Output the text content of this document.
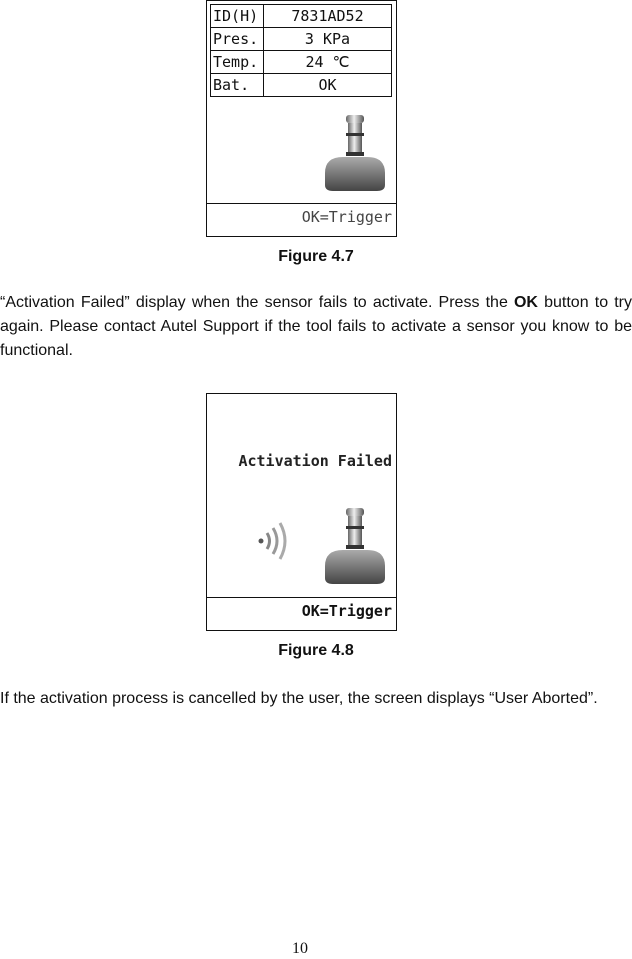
ID(H)	7831AD52
Pres.	3 KPa
Temp.	24 ℃
Bat.	OK
OK=Trigger
Figure 4.7

“Activation Failed” display when the sensor fails to activate. Press the OK button to try again. Please contact Autel Support if the tool fails to activate a sensor you know to be functional.

Activation Failed
OK=Trigger
Figure 4.8

If the activation process is cancelled by the user, the screen displays “User Aborted”.

10
